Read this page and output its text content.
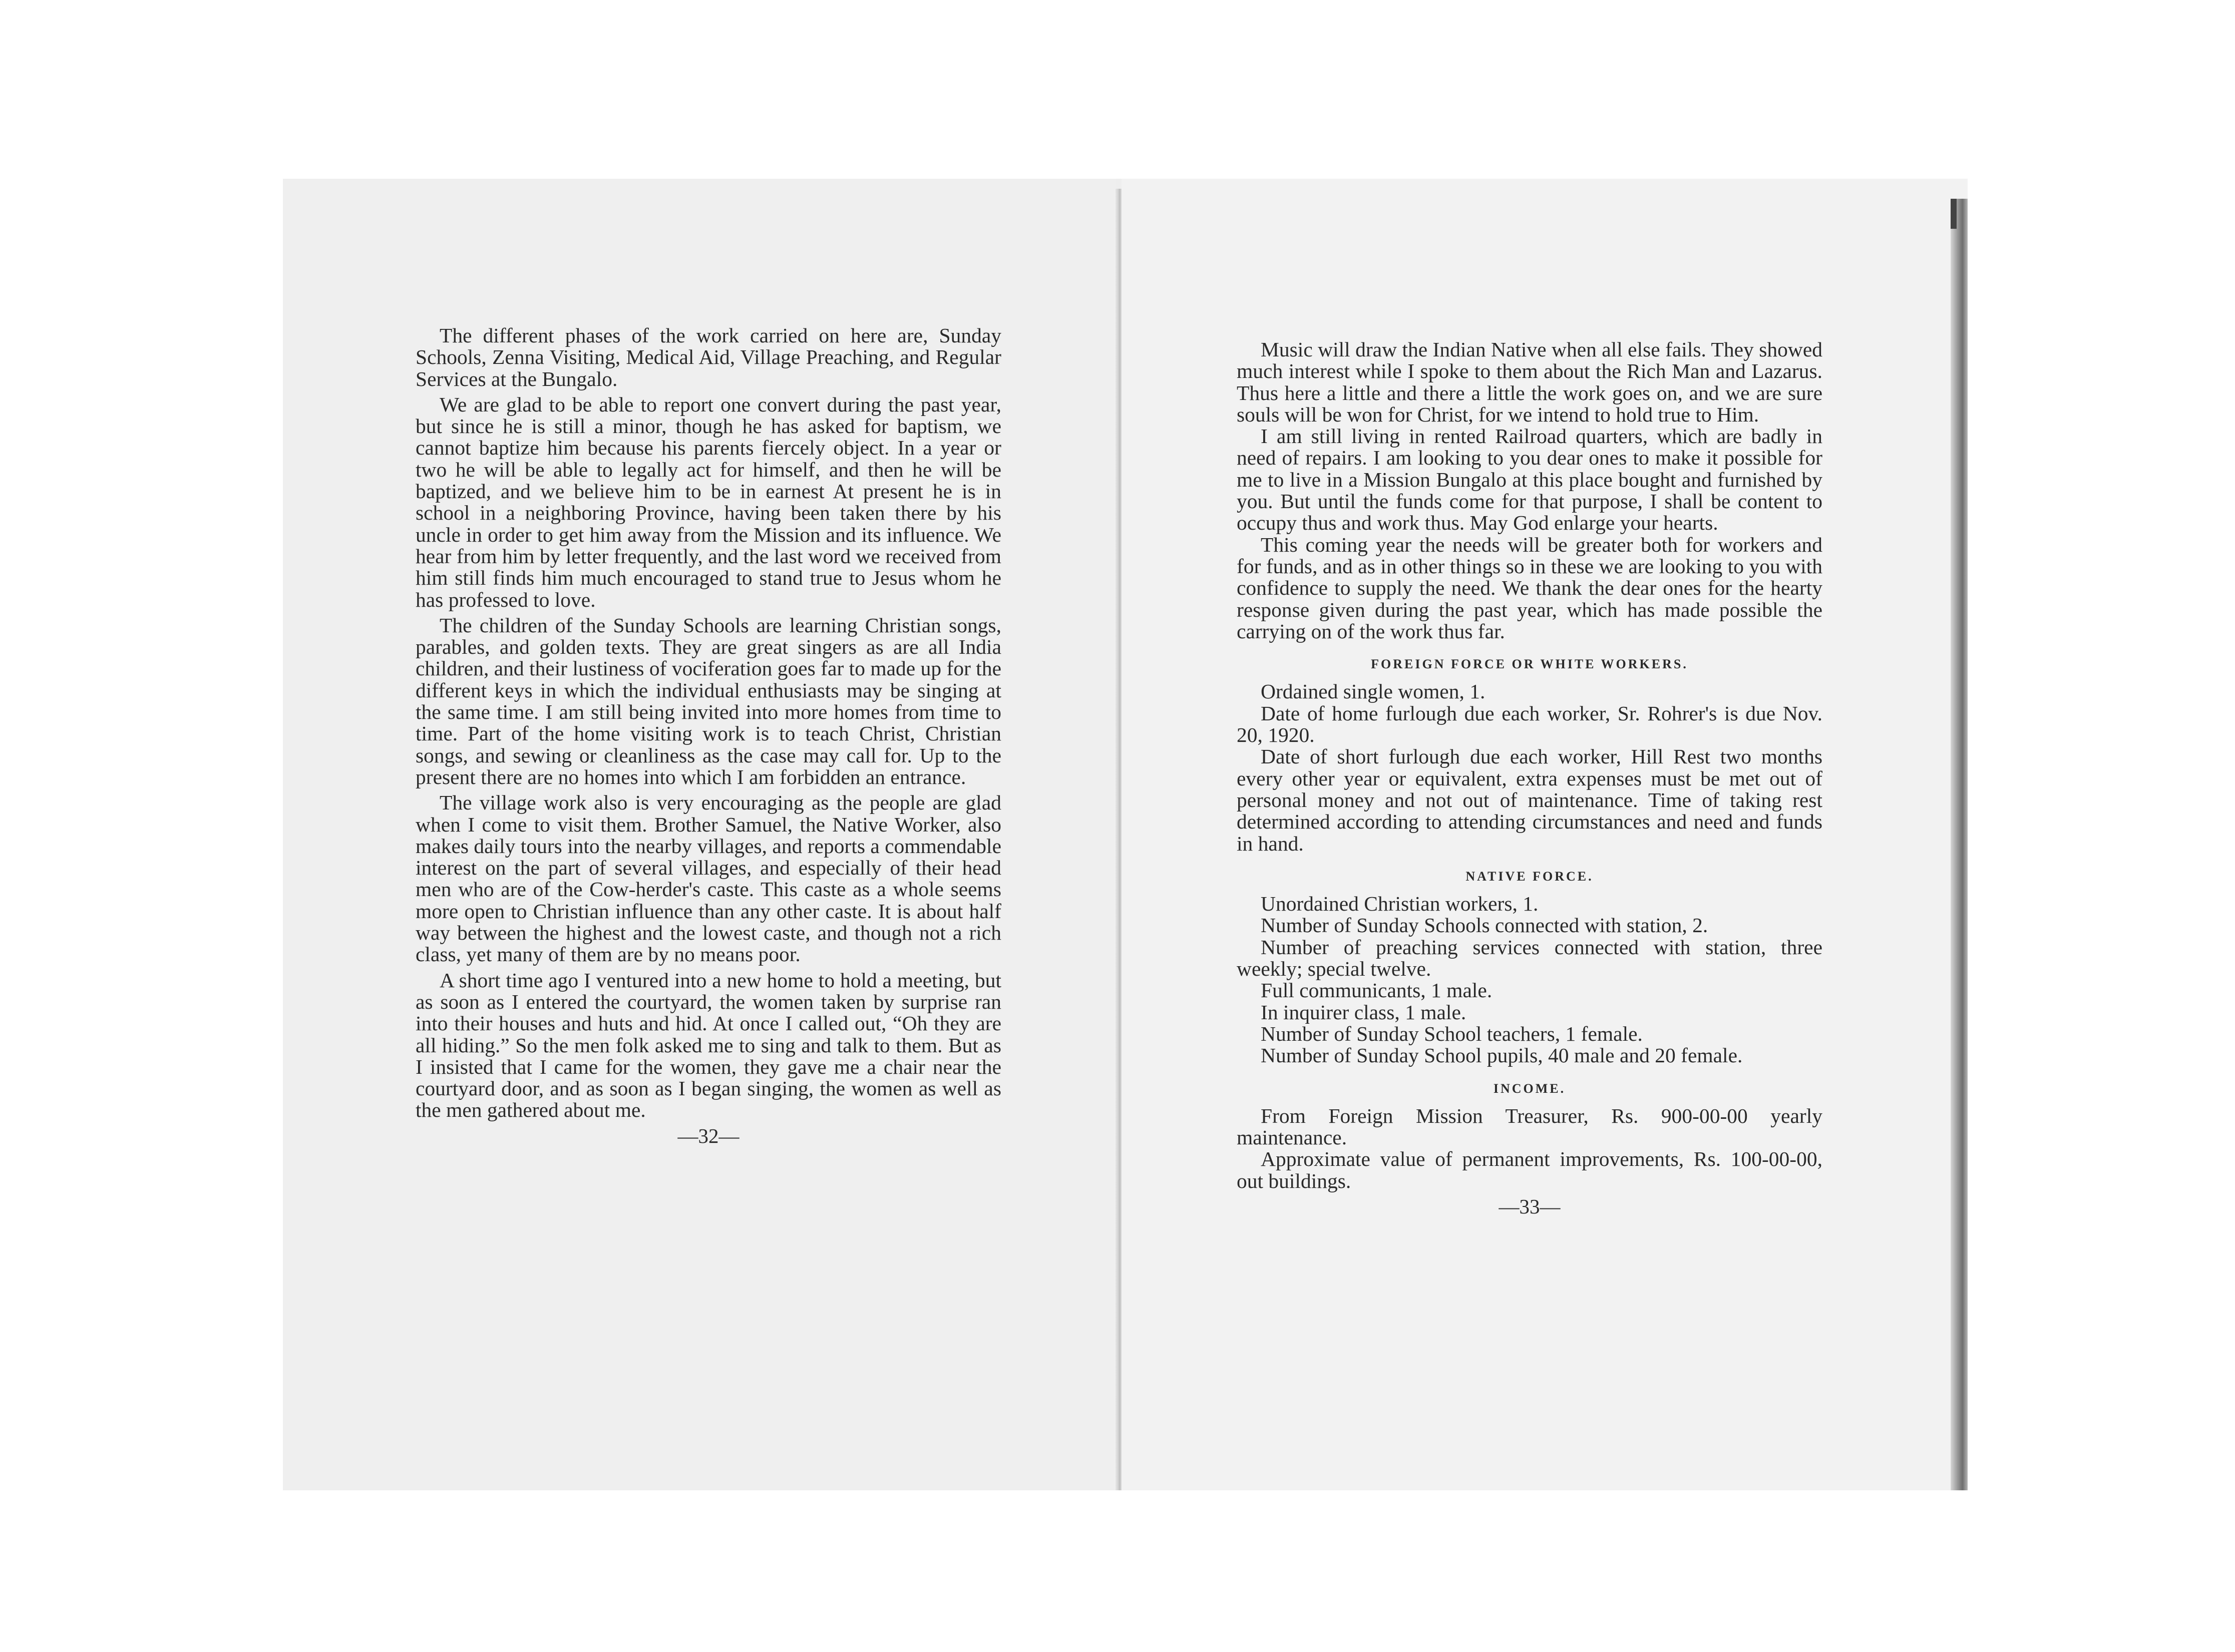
The different phases of the work carried on here are, Sunday Schools, Zenna Visiting, Medical Aid, Village Preaching, and Regular Services at the Bungalo.

We are glad to be able to report one convert during the past year, but since he is still a minor, though he has asked for baptism, we cannot baptize him because his parents fiercely object. In a year or two he will be able to legally act for himself, and then he will be baptized, and we believe him to be in earnest At present he is in school in a neighboring Province, having been taken there by his uncle in order to get him away from the Mission and its influence. We hear from him by letter frequently, and the last word we received from him still finds him much encouraged to stand true to Jesus whom he has professed to love.

The children of the Sunday Schools are learning Christian songs, parables, and golden texts. They are great singers as are all India children, and their lustiness of vociferation goes far to made up for the different keys in which the individual enthusiasts may be singing at the same time. I am still being invited into more homes from time to time. Part of the home visiting work is to teach Christ, Christian songs, and sewing or cleanliness as the case may call for. Up to the present there are no homes into which I am forbidden an entrance.

The village work also is very encouraging as the people are glad when I come to visit them. Brother Samuel, the Native Worker, also makes daily tours into the nearby villages, and reports a commendable interest on the part of several villages, and especially of their head men who are of the Cow-herder's caste. This caste as a whole seems more open to Christian influence than any other caste. It is about half way between the highest and the lowest caste, and though not a rich class, yet many of them are by no means poor.

A short time ago I ventured into a new home to hold a meeting, but as soon as I entered the courtyard, the women taken by surprise ran into their houses and huts and hid. At once I called out, “Oh they are all hiding.” So the men folk asked me to sing and talk to them. But as I insisted that I came for the women, they gave me a chair near the courtyard door, and as soon as I began singing, the women as well as the men gathered about me.

—32—

Music will draw the Indian Native when all else fails. They showed much interest while I spoke to them about the Rich Man and Lazarus. Thus here a little and there a little the work goes on, and we are sure souls will be won for Christ, for we intend to hold true to Him.

I am still living in rented Railroad quarters, which are badly in need of repairs. I am looking to you dear ones to make it possible for me to live in a Mission Bungalo at this place bought and furnished by you. But until the funds come for that purpose, I shall be content to occupy thus and work thus. May God enlarge your hearts.

This coming year the needs will be greater both for workers and for funds, and as in other things so in these we are looking to you with confidence to supply the need. We thank the dear ones for the hearty response given during the past year, which has made possible the carrying on of the work thus far.

FOREIGN FORCE OR WHITE WORKERS.

Ordained single women, 1.

Date of home furlough due each worker, Sr. Rohrer's is due Nov. 20, 1920.

Date of short furlough due each worker, Hill Rest two months every other year or equivalent, extra expenses must be met out of personal money and not out of maintenance. Time of taking rest determined according to attending circumstances and need and funds in hand.

NATIVE FORCE.

Unordained Christian workers, 1.

Number of Sunday Schools connected with station, 2.

Number of preaching services connected with station, three weekly; special twelve.

Full communicants, 1 male.

In inquirer class, 1 male.

Number of Sunday School teachers, 1 female.

Number of Sunday School pupils, 40 male and 20 female.

INCOME.

From Foreign Mission Treasurer, Rs. 900-00-00 yearly maintenance.

Approximate value of permanent improvements, Rs. 100-00-00, out buildings.

—33—
